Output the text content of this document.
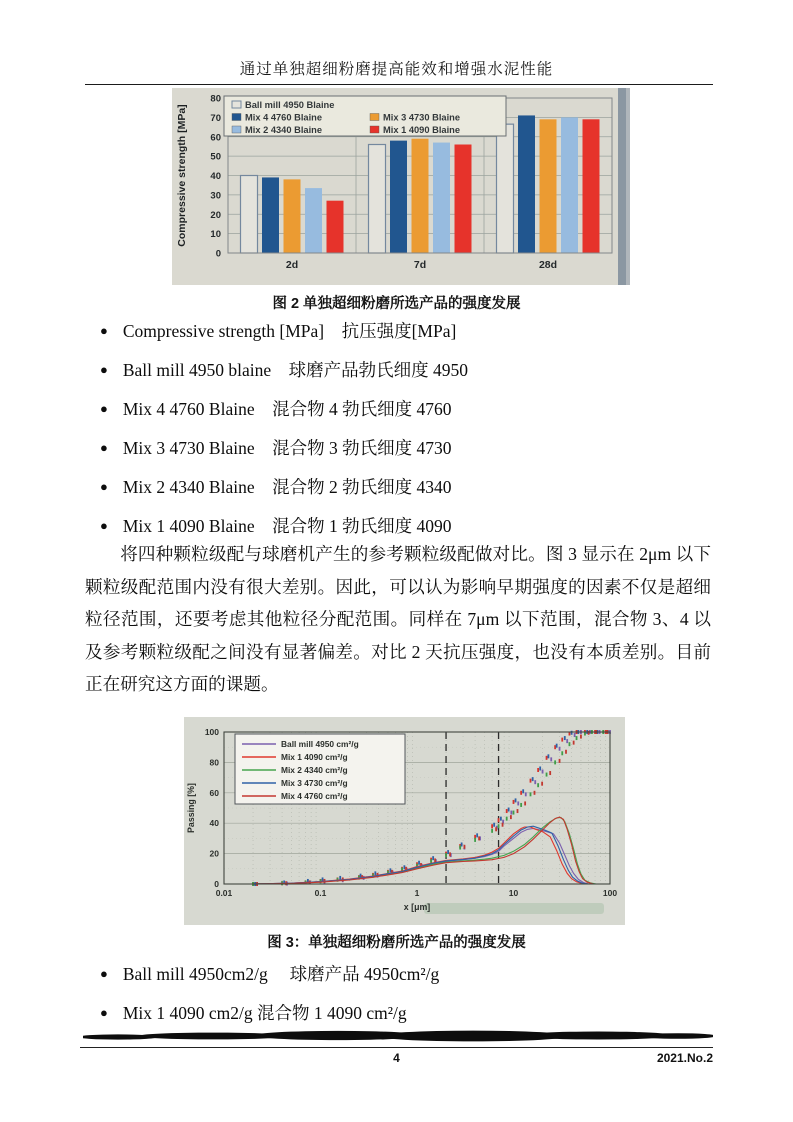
通过单独超细粉磨提高能效和增强水泥性能
0
10
20
30
40
50
60
70
80
2d	7d	28d
Compressive strength [MPa]	Ball mill 4950 Blaine
Mix 4 4760 Blaine	Mix 3 4730 Blaine
Mix 2 4340 Blaine	Mix 1 4090 Blaine
图 2 单独超细粉磨所选产品的强度发展
● Compressive strength [MPa]　抗压强度[MPa]
● Ball mill 4950 blaine　球磨产品勃氏细度 4950
● Mix 4 4760 Blaine　混合物 4 勃氏细度 4760
● Mix 3 4730 Blaine　混合物 3 勃氏细度 4730
● Mix 2 4340 Blaine　混合物 2 勃氏细度 4340
● Mix 1 4090 Blaine　混合物 1 勃氏细度 4090
将四种颗粒级配与球磨机产生的参考颗粒级配做对比。图 3 显示在 2μm 以下颗粒级配范围内没有很大差别。因此，可以认为影响早期强度的因素不仅是超细粒径范围，还要考虑其他粒径分配范围。同样在 7μm 以下范围，混合物 3、4 以及参考颗粒级配之间没有显著偏差。对比 2 天抗压强度，也没有本质差别。目前正在研究这方面的课题。
0
20
40
60
80
100
0.01	0.1	1	10	100
x [μm]
Passing [%]
Ball mill 4950 cm²/g
Mix 1 4090 cm²/g
Mix 2 4340 cm²/g
Mix 3 4730 cm²/g
Mix 4 4760 cm²/g
图 3：单独超细粉磨所选产品的强度发展
● Ball mill 4950cm2/g　 球磨产品 4950cm²/g
● Mix 1 4090 cm2/g 混合物 1 4090 cm²/g
4	2021.No.2
